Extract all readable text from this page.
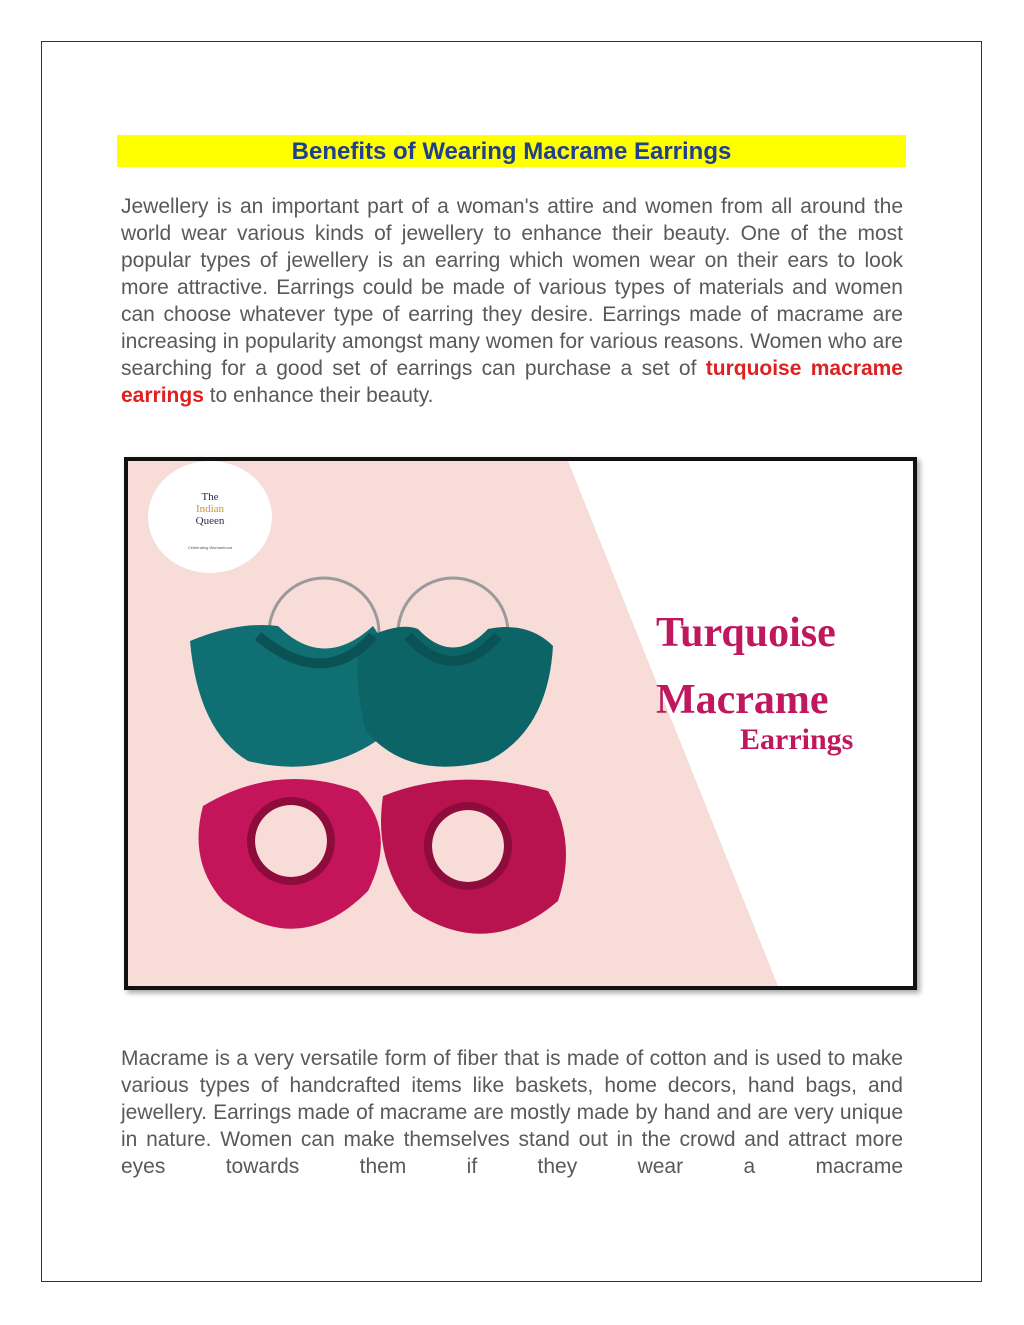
Benefits of Wearing Macrame Earrings

Jewellery is an important part of a woman's attire and women from all around the world wear various kinds of jewellery to enhance their beauty. One of the most popular types of jewellery is an earring which women wear on their ears to look more attractive. Earrings could be made of various types of materials and women can choose whatever type of earring they desire. Earrings made of macrame are increasing in popularity amongst many women for various reasons. Women who are searching for a good set of earrings can purchase a set of turquoise macrame earrings to enhance their beauty.

The
Indian
Queen
Celebrating Womanhood
Turquoise
Macrame
Earrings

Macrame is a very versatile form of fiber that is made of cotton and is used to make various types of handcrafted items like baskets, home decors, hand bags, and jewellery. Earrings made of macrame are mostly made by hand and are very unique in nature. Women can make themselves stand out in the crowd and attract more eyes towards them if they wear a macrame
